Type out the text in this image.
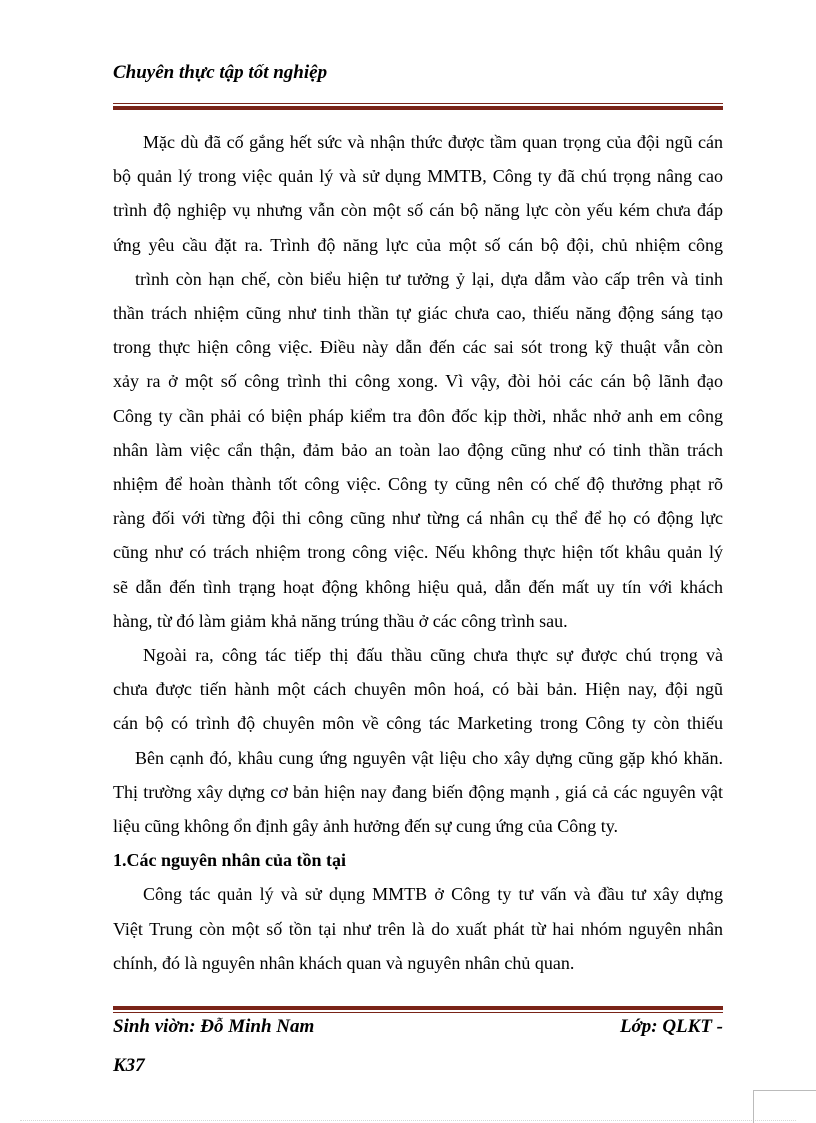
Chuyên thực tập tốt nghiệp
Mặc dù đã cố gắng hết sức và nhận thức được tầm quan trọng của đội ngũ cán
bộ quản lý trong việc quản lý và sử dụng MMTB, Công ty đã chú trọng nâng cao
trình độ nghiệp vụ nhưng vẫn còn một số cán bộ năng lực còn yếu kém chưa đáp
ứng yêu cầu đặt ra. Trình độ năng lực của một số cán bộ đội, chủ nhiệm công
trình còn hạn chế, còn biểu hiện tư tưởng ỷ lại, dựa dẫm vào cấp trên và tinh
thần trách nhiệm cũng như tinh thần tự giác chưa cao, thiếu năng động sáng tạo
trong thực hiện công việc. Điều này dẫn đến các sai sót trong kỹ thuật vẫn còn
xảy ra ở một số công trình thi công xong. Vì vậy, đòi hỏi các cán bộ lãnh đạo
Công ty cần phải có biện pháp kiểm tra đôn đốc kịp thời, nhắc nhở anh em công
nhân làm việc cẩn thận, đảm bảo an toàn lao động cũng như có tinh thần trách
nhiệm để hoàn thành tốt công việc. Công ty cũng nên có chế độ thưởng phạt rõ
ràng đối với từng đội thi công cũng như từng cá nhân cụ thể để họ có động lực
cũng như có trách nhiệm trong công việc. Nếu không thực hiện tốt khâu quản lý
sẽ dẫn đến tình trạng hoạt động không hiệu quả, dẫn đến mất uy tín với khách
hàng, từ đó làm giảm khả năng trúng thầu ở các công trình sau.
Ngoài ra, công tác tiếp thị đấu thầu cũng chưa thực sự được chú trọng và
chưa được tiến hành một cách chuyên môn hoá, có bài bản. Hiện nay, đội ngũ
cán bộ có trình độ chuyên môn về công tác Marketing trong Công ty còn thiếu
Bên cạnh đó, khâu cung ứng nguyên vật liệu cho xây dựng cũng gặp khó khăn.
Thị trường xây dựng cơ bản hiện nay đang biến động mạnh , giá cả các nguyên vật
liệu cũng không ổn định gây ảnh hưởng đến sự cung ứng của Công ty.
1.Các nguyên nhân của tồn tại
Công tác quản lý và sử dụng MMTB ở Công ty tư vấn và đầu tư xây dựng
Việt Trung còn một số tồn tại như trên là do xuất phát từ hai nhóm nguyên nhân
chính, đó là nguyên nhân khách quan và nguyên nhân chủ quan.
Sinh viờn: Đỗ Minh Nam	Lớp: QLKT -
K37
